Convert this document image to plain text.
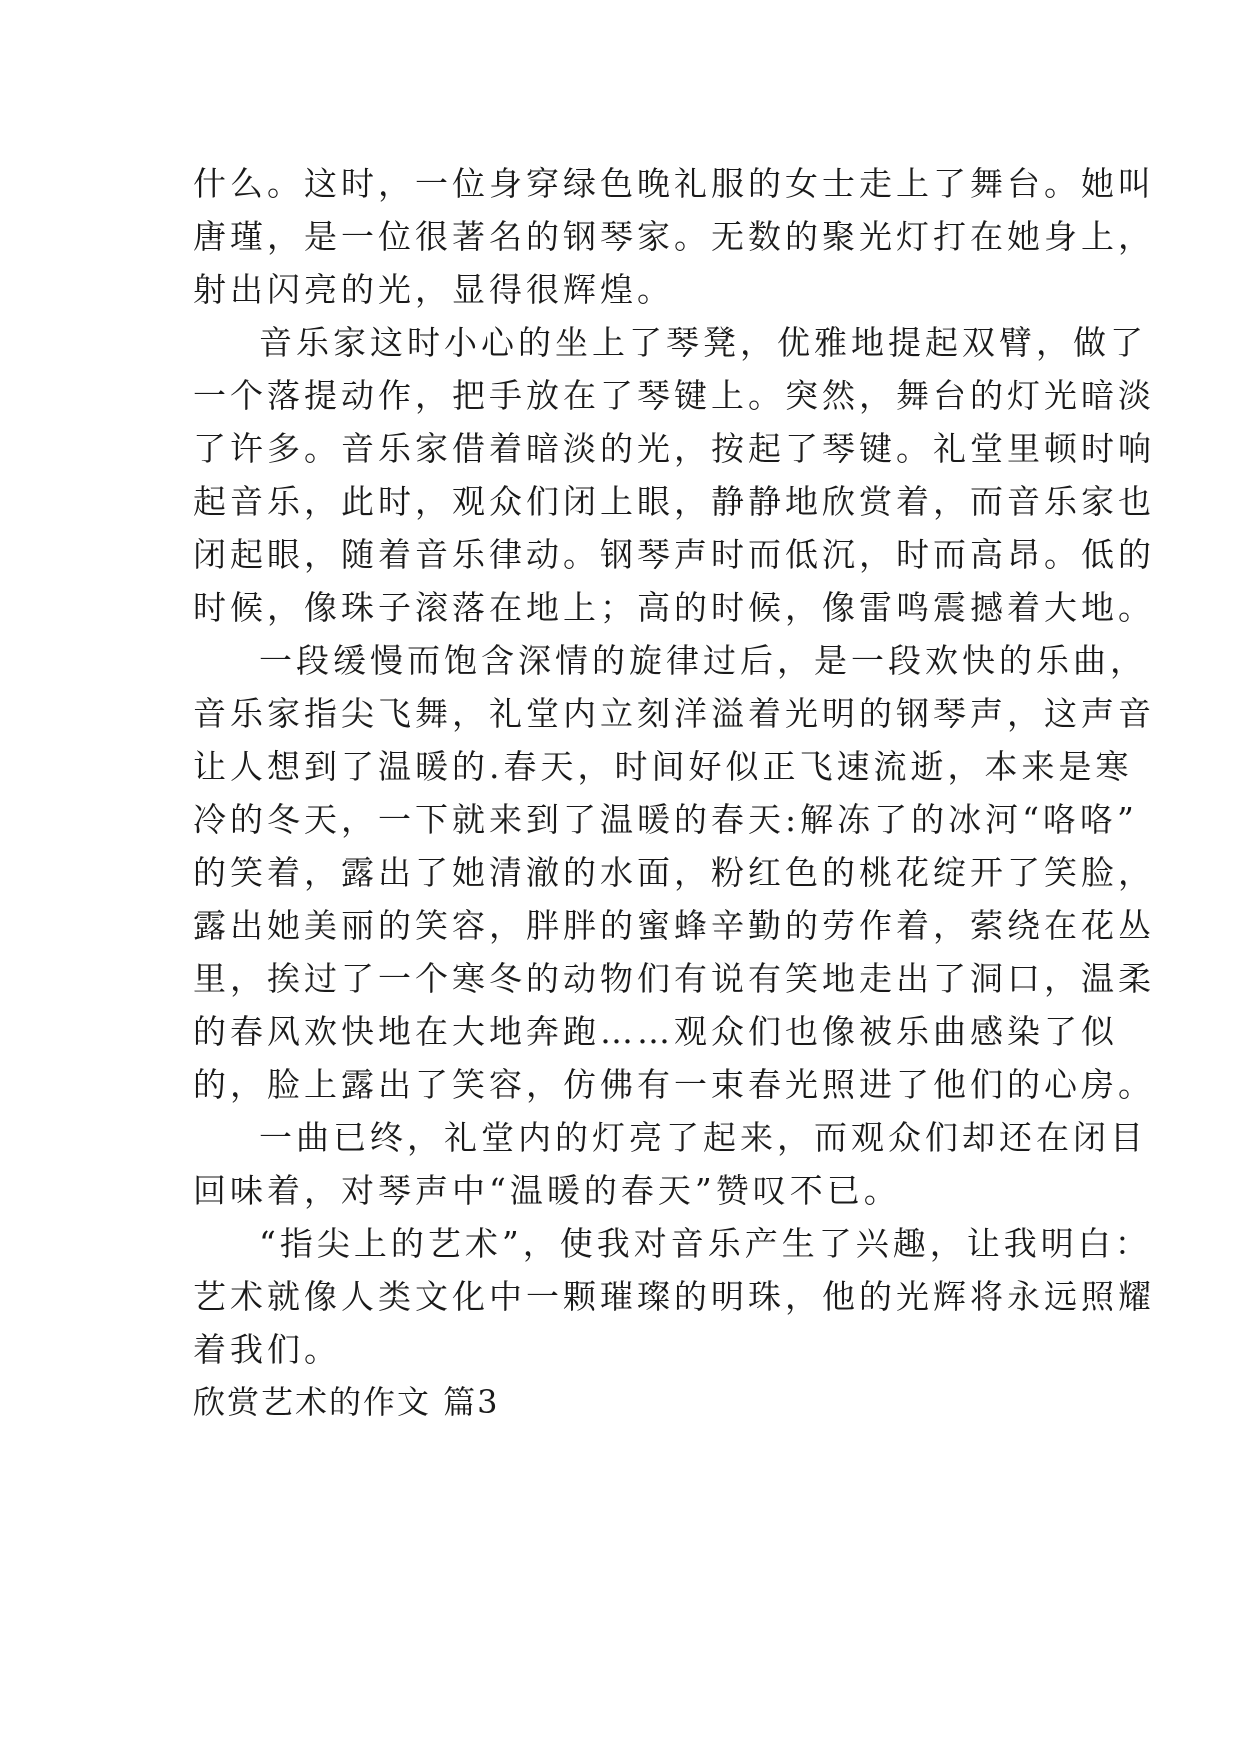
什么。这时，一位身穿绿色晚礼服的女士走上了舞台。她叫

唐瑾，是一位很著名的钢琴家。无数的聚光灯打在她身上，

射出闪亮的光，显得很辉煌。

音乐家这时小心的坐上了琴凳，优雅地提起双臂，做了

一个落提动作，把手放在了琴键上。突然，舞台的灯光暗淡

了许多。音乐家借着暗淡的光，按起了琴键。礼堂里顿时响

起音乐，此时，观众们闭上眼，静静地欣赏着，而音乐家也

闭起眼，随着音乐律动。钢琴声时而低沉，时而高昂。低的

时候，像珠子滚落在地上；高的时候，像雷鸣震撼着大地。

一段缓慢而饱含深情的旋律过后，是一段欢快的乐曲，

音乐家指尖飞舞，礼堂内立刻洋溢着光明的钢琴声，这声音

让人想到了温暖的.春天，时间好似正飞速流逝，本来是寒

冷的冬天，一下就来到了温暖的春天:解冻了的冰河“咯咯”

的笑着，露出了她清澈的水面，粉红色的桃花绽开了笑脸，

露出她美丽的笑容，胖胖的蜜蜂辛勤的劳作着，萦绕在花丛

里，挨过了一个寒冬的动物们有说有笑地走出了洞口，温柔

的春风欢快地在大地奔跑……观众们也像被乐曲感染了似

的，脸上露出了笑容，仿佛有一束春光照进了他们的心房。

一曲已终，礼堂内的灯亮了起来，而观众们却还在闭目

回味着，对琴声中“温暖的春天”赞叹不已。

“指尖上的艺术”，使我对音乐产生了兴趣，让我明白：

艺术就像人类文化中一颗璀璨的明珠，他的光辉将永远照耀

着我们。

欣赏艺术的作文 篇3
